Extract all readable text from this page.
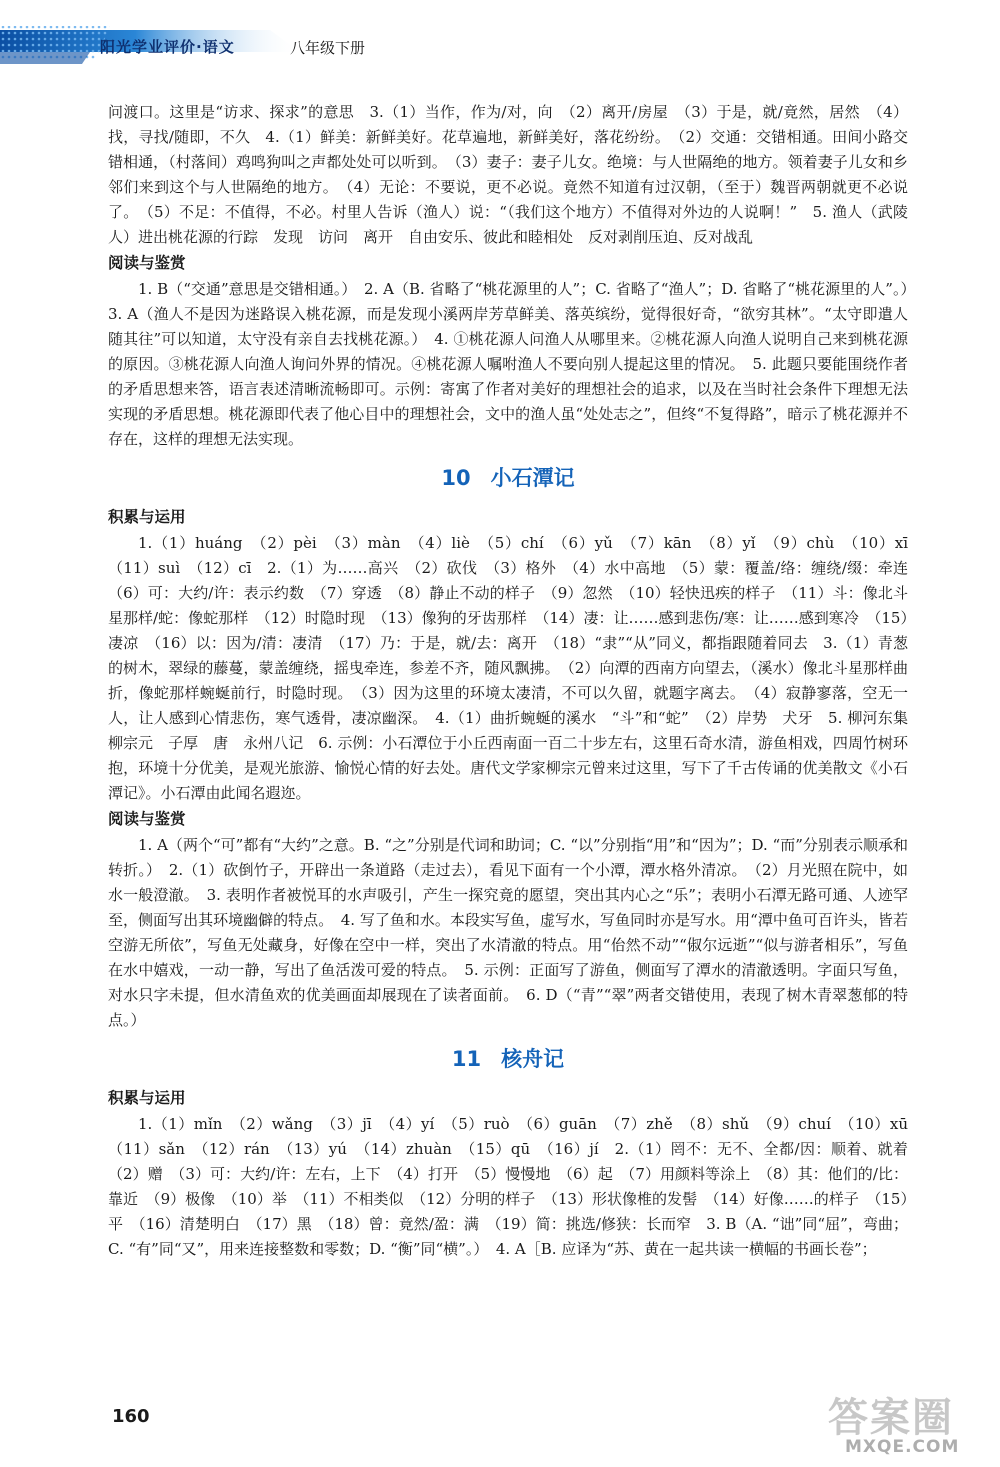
阳光学业评价·语文	八年级下册

问渡口。这里是“访求、探求”的意思　3.（1）当作，作为/对，向　（2）离开/房屋　（3）于是，就/竟然，居然　（4）找，寻找/随即，不久　4.（1）鲜美：新鲜美好。花草遍地，新鲜美好，落花纷纷。　（2）交通：交错相通。田间小路交错相通，（村落间）鸡鸣狗叫之声都处处可以听到。　（3）妻子：妻子儿女。绝境：与人世隔绝的地方。领着妻子儿女和乡邻们来到这个与人世隔绝的地方。　（4）无论：不要说，更不必说。竟然不知道有过汉朝，（至于）魏晋两朝就更不必说了。　（5）不足：不值得，不必。村里人告诉（渔人）说：“（我们这个地方）不值得对外边的人说啊！”　5. 渔人（武陵人）进出桃花源的行踪　发现　访问　离开　自由安乐、彼此和睦相处　反对剥削压迫、反对战乱

阅读与鉴赏

1. B（“交通”意思是交错相通。）　2. A（B. 省略了“桃花源里的人”；C. 省略了“渔人”；D. 省略了“桃花源里的人”。）　3. A（渔人不是因为迷路误入桃花源，而是发现小溪两岸芳草鲜美、落英缤纷，觉得很好奇，“欲穷其林”。“太守即遣人随其往”可以知道，太守没有亲自去找桃花源。）　4. ①桃花源人问渔人从哪里来。②桃花源人向渔人说明自己来到桃花源的原因。③桃花源人向渔人询问外界的情况。④桃花源人嘱咐渔人不要向别人提起这里的情况。　5. 此题只要能围绕作者的矛盾思想来答，语言表述清晰流畅即可。示例：寄寓了作者对美好的理想社会的追求，以及在当时社会条件下理想无法实现的矛盾思想。桃花源即代表了他心目中的理想社会，文中的渔人虽“处处志之”，但终“不复得路”，暗示了桃花源并不存在，这样的理想无法实现。

10 小石潭记

积累与运用

1.（1）huáng　（2）pèi　（3）màn　（4）liè　（5）chí　（6）yǔ　（7）kān　（8）yǐ　（9）chù　（10）xī　（11）suì　（12）cī　2.（1）为……高兴　（2）砍伐　（3）格外　（4）水中高地　（5）蒙：覆盖/络：缠绕/缀：牵连　（6）可：大约/许：表示约数　（7）穿透　（8）静止不动的样子　（9）忽然　（10）轻快迅疾的样子　（11）斗：像北斗星那样/蛇：像蛇那样　（12）时隐时现　（13）像狗的牙齿那样　（14）凄：让……感到悲伤/寒：让……感到寒冷　（15）凄凉　（16）以：因为/清：凄清　（17）乃：于是，就/去：离开　（18）“隶”“从”同义，都指跟随着同去　3.（1）青葱的树木，翠绿的藤蔓，蒙盖缠绕，摇曳牵连，参差不齐，随风飘拂。　（2）向潭的西南方向望去，（溪水）像北斗星那样曲折，像蛇那样蜿蜒前行，时隐时现。　（3）因为这里的环境太凄清，不可以久留，就题字离去。　（4）寂静寥落，空无一人，让人感到心情悲伤，寒气透骨，凄凉幽深。　4.（1）曲折蜿蜒的溪水　“斗”和“蛇”　（2）岸势　犬牙　5. 柳河东集　柳宗元　子厚　唐　永州八记　6. 示例：小石潭位于小丘西南面一百二十步左右，这里石奇水清，游鱼相戏，四周竹树环抱，环境十分优美，是观光旅游、愉悦心情的好去处。唐代文学家柳宗元曾来过这里，写下了千古传诵的优美散文《小石潭记》。小石潭由此闻名遐迩。

阅读与鉴赏

1. A（两个“可”都有“大约”之意。B. “之”分别是代词和助词；C. “以”分别指“用”和“因为”；D. “而”分别表示顺承和转折。）　2.（1）砍倒竹子，开辟出一条道路（走过去），看见下面有一个小潭，潭水格外清凉。　（2）月光照在院中，如水一般澄澈。　3. 表明作者被悦耳的水声吸引，产生一探究竟的愿望，突出其内心之“乐”；表明小石潭无路可通、人迹罕至，侧面写出其环境幽僻的特点。　4. 写了鱼和水。本段实写鱼，虚写水，写鱼同时亦是写水。用“潭中鱼可百许头，皆若空游无所依”，写鱼无处藏身，好像在空中一样，突出了水清澈的特点。用“佁然不动”“俶尔远逝”“似与游者相乐”，写鱼在水中嬉戏，一动一静，写出了鱼活泼可爱的特点。　5. 示例：正面写了游鱼，侧面写了潭水的清澈透明。字面只写鱼，对水只字未提，但水清鱼欢的优美画面却展现在了读者面前。　6. D（“青”“翠”两者交错使用，表现了树木青翠葱郁的特点。）

11 核舟记

积累与运用

1.（1）mǐn　（2）wǎng　（3）jī　（4）yí　（5）ruò　（6）guān　（7）zhě　（8）shǔ　（9）chuí　（10）xū　（11）sǎn　（12）rán　（13）yú　（14）zhuàn　（15）qū　（16）jí　2.（1）罔不：无不、全都/因：顺着、就着　（2）赠　（3）可：大约/许：左右，上下　（4）打开　（5）慢慢地　（6）起　（7）用颜料等涂上　（8）其：他们的/比：靠近　（9）极像　（10）举　（11）不相类似　（12）分明的样子　（13）形状像椎的发髻　（14）好像……的样子　（15）平　（16）清楚明白　（17）黑　（18）曾：竟然/盈：满　（19）简：挑选/修狭：长而窄　3. B（A. “诎”同“屈”，弯曲；C. “有”同“又”，用来连接整数和零数；D. “衡”同“横”。）　4. A［B. 应译为“苏、黄在一起共读一横幅的书画长卷”；

160	答案圈
MXQE.COM
